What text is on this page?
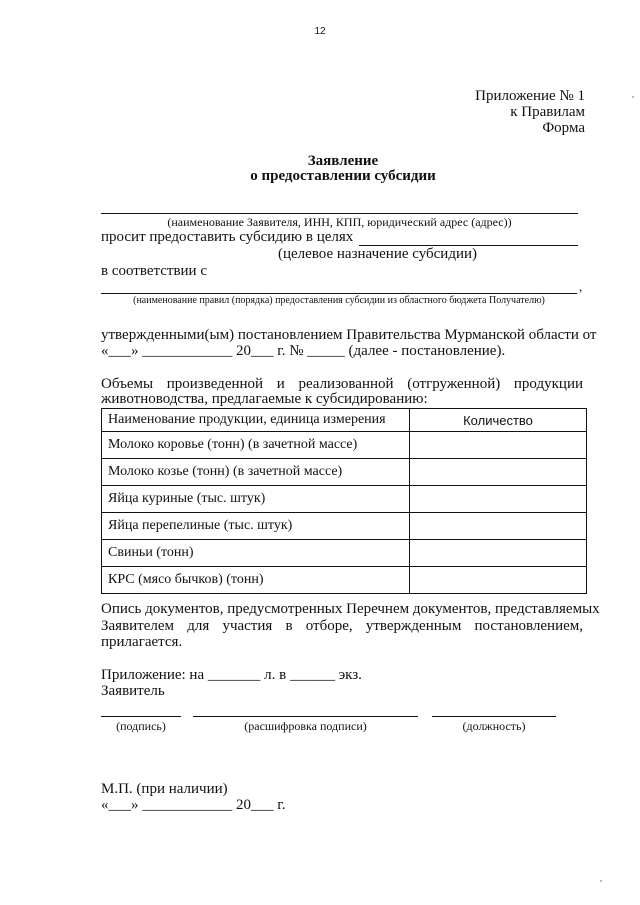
12
Приложение № 1
к Правилам
Форма
Заявление
о предоставлении субсидии
(наименование Заявителя, ИНН, КПП, юридический адрес (адрес))
просит предоставить субсидию в целях
(целевое назначение субсидии)
в соответствии с
,
(наименование правил (порядка) предоставления субсидии из областного бюджета Получателю)
утвержденными(ым) постановлением Правительства Мурманской области от
«___» ____________ 20___ г. № _____ (далее - постановление).
Объемы произведенной и реализованной (отгруженной) продукции
животноводства, предлагаемые к субсидированию:
Наименование продукции, единица измерения	Количество
Молоко коровье (тонн) (в зачетной массе)	
Молоко козье (тонн) (в зачетной массе)	
Яйца куриные (тыс. штук)	
Яйца перепелиные (тыс. штук)	
Свиньи (тонн)	
КРС (мясо бычков) (тонн)	
Опись документов, предусмотренных Перечнем документов, представляемых
Заявителем для участия в отборе, утвержденным постановлением,
прилагается.
Приложение: на _______ л. в ______ экз.
Заявитель
(подпись)	(расшифровка подписи)	(должность)
М.П. (при наличии)
«___» ____________ 20___ г.
